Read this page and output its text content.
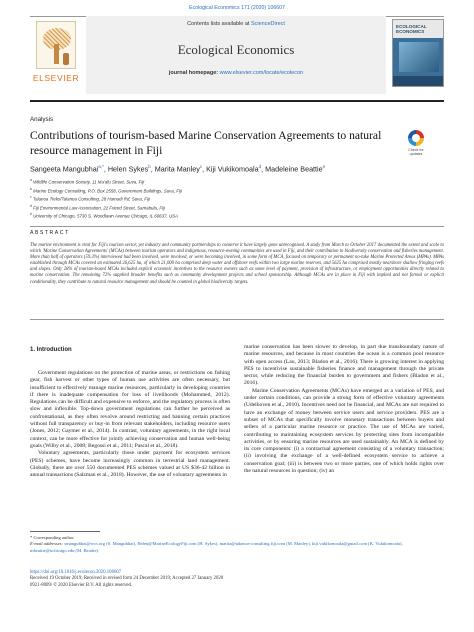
Ecological Economics 171 (2020) 106607
ELSEVIER
Contents lists available at ScienceDirect
Ecological Economics
journal homepage: www.elsevier.com/locate/ecolecon
ECOLOGICAL ECONOMICS
Analysis
Contributions of tourism-based Marine Conservation Agreements to natural resource management in Fiji	Check for updates
Sangeeta Mangubhai$^{a,*}$, Helen Sykes$^b$, Marita Manley$^c$, Kiji Vukikomoala$^d$, Madeleine Beattie$^e$
$^a$ Wildlife Conservation Society, 11 Ma'afu Street, Suva, Fiji
$^b$ Marine Ecology Consulting, P.O. Box 2558, Government Buildings, Suva, Fiji
$^c$ Talanoa Treks/Talanoa Consulting, 28 Hamadi Rd, Suva, Fiji
$^d$ Fiji Environmental Law Association, 22 Friend Street, Samabula, Fiji
$^e$ University of Chicago, 5730 S. Woodlawn Avenue Chicago, IL 60637, USA
ABSTRACT
The marine environment is vital for Fiji's tourism sector, yet industry and community partnerships to conserve it have largely gone unrecognised. A study from March to October 2017 documented the extent and scale to which 'Marine Conservation Agreements' (MCAs) between tourism operators and indigenous, resource-owning communities are used in Fiji, and their contribution to biodiversity conservation and fisheries management. More than half of operators (59.3%) interviewed had been involved, were involved, or were becoming involved, in some form of MCA, focused on temporary or permanent no-take Marine Protected Areas (MPAs). MPAs established through MCAs covered an estimated 26,625 ha, of which 21,000 ha comprised deep water and offshore reefs within two large marine reserves, and 5625 ha comprised mostly nearshore shallow fringing reefs and slopes. Only 28% of tourism-based MCAs included explicit economic incentives to the resource owners such as some level of payment, provision of infrastructure, or employment opportunities directly related to marine conservation. The remaining 72% supplied broader benefits such as community development projects and school sponsorship. Although MCAs are in place in Fiji with implied and not formal or explicit conditionality, they contribute to natural resource management and should be counted in global biodiversity targets.
1. Introduction

Government regulations on the protection of marine areas, or restrictions on fishing gear, fish harvest or other types of human use activities are often necessary, but insufficient to effectively manage marine resources, particularly in developing countries if there is inadequate compensation for loss of livelihoods (Mohammed, 2012). Regulations can be difficult and expensive to enforce, and the regulatory process is often slow and inflexible. Top-down government regulations can further be perceived as confrontational, as they often revolve around restricting and banning certain practices without full transparency or buy-in from relevant stakeholders, including resource users (Jones, 2012; Gaymer et al., 2014). In contrast, voluntary agreements, in the right local context, can be more effective for jointly achieving conservation and human well-being goals (Wilby et al., 2008; Begossi et al., 2011; Pascal et al., 2018).

Voluntary agreements, particularly those under payment for ecosystem services (PES) schemes, have become increasingly common in terrestrial land management. Globally, there are over 550 documented PES schemes valued at US $36-42 billion in annual transactions (Salzman et al., 2018). However, the use of voluntary agreements in

marine conservation has been slower to develop, in part due transboundary nature of marine resources, and because in most countries the ocean is a common pool resource with open access (Lau, 2013; Bladon et al., 2016). There is growing interest in applying PES to incentivise sustainable fisheries finance and management through the private sector, while reducing the financial burden to government and fishers (Bladon et al., 2016).

Marine Conservation Agreements (MCAs) have emerged as a variation of PES, and under certain conditions, can provide a strong form of effective voluntary agreements (Udelhoven et al., 2010). Incentives need not be financial, and MCAs are not required to have an exchange of money between service users and service providers. PES are a subset of MCAs that specifically involve monetary transactions between buyers and sellers of a particular marine resource or practice. The use of MCAs are varied, contributing to maintaining ecosystem services by protecting sites from incompatible activities, or by ensuring marine resources are used sustainably. An MCA is defined by its core components: (i) a contractual agreement consisting of a voluntary transaction; (ii) involving the exchange of a well-defined ecosystem service to achieve a conservation goal; (iii) is between two or more parties, one of which holds rights over the natural resources in question; (iv) an

* Corresponding author.
E-mail addresses: smangubhai@wcs.org (S. Mangubhai), Helen@MarineEcologyFiji.com (H. Sykes), marita@talanoa-consulting.fiji.com (M. Manley), kiji.vukikomoala@gmail.com (K. Vukikomoala), mbeattie@uchicago.edu (M. Beattie).
https://doi.org/10.1016/j.ecolecon.2020.106607
Received 19 October 2019; Received in revised form 24 December 2019; Accepted 27 January 2020
0921-8009/ © 2020 Elsevier B.V. All rights reserved.
